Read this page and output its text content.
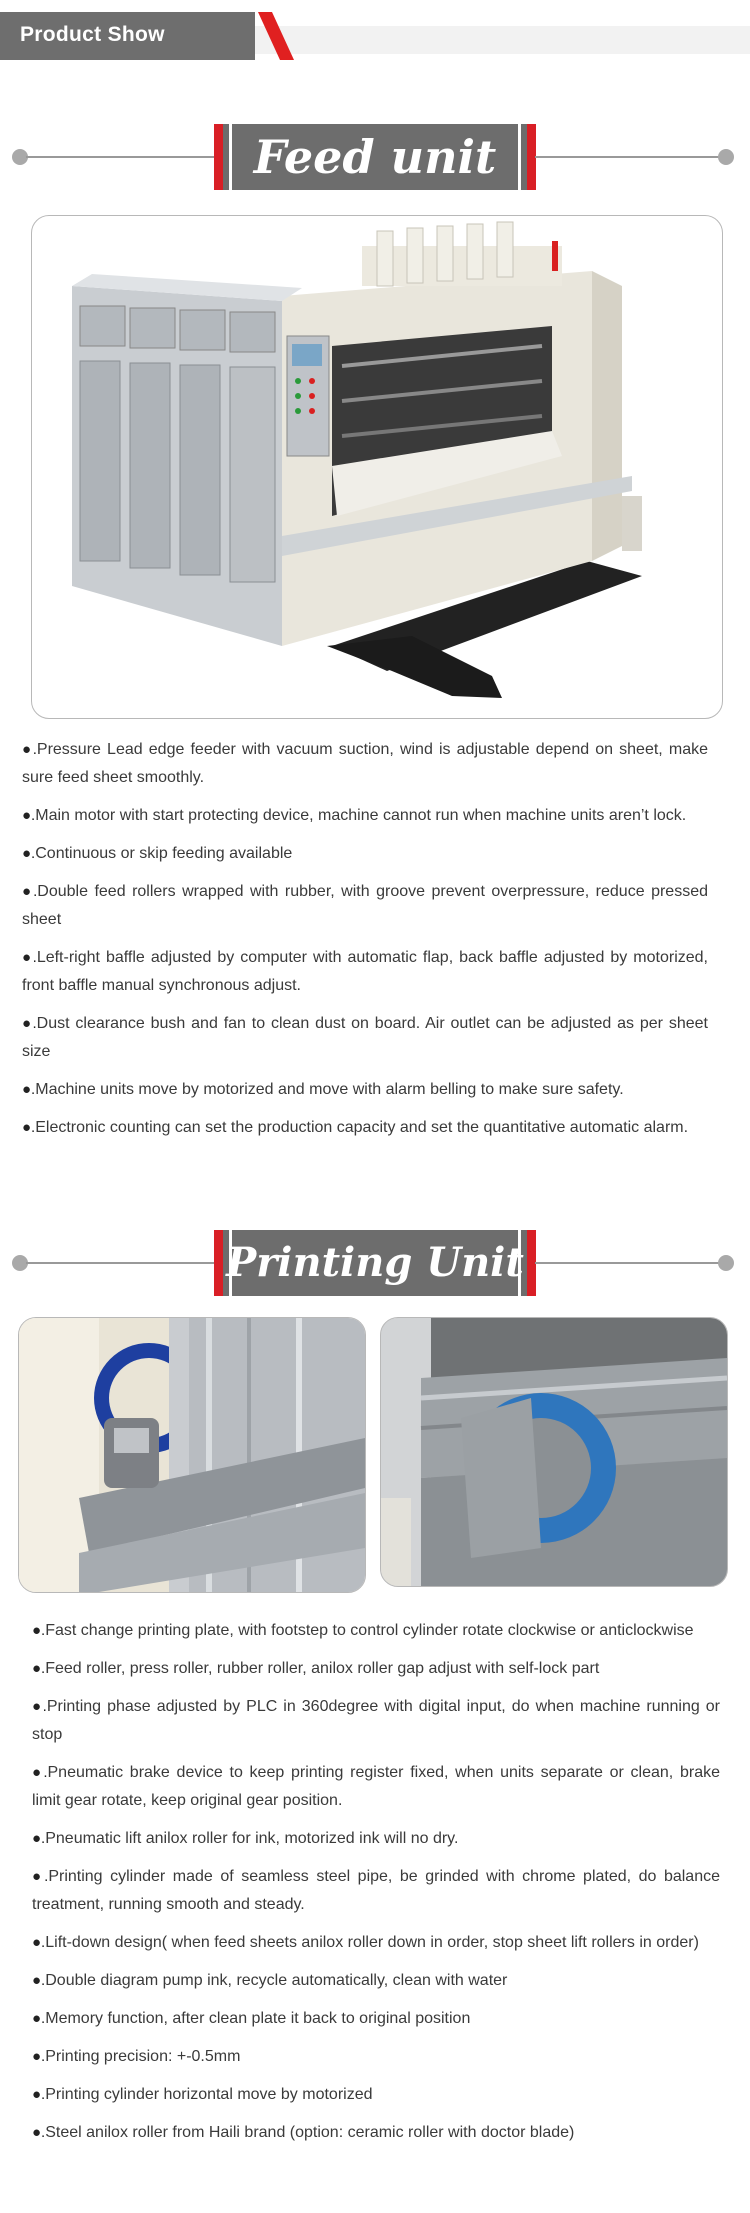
Product Show
Feed unit
●.Pressure Lead edge feeder with vacuum suction, wind is adjustable depend on sheet, make sure feed sheet smoothly.
●.Main motor with start protecting device, machine cannot run when machine units aren’t lock.
●.Continuous or skip feeding available
●.Double feed rollers wrapped with rubber, with groove prevent overpressure, reduce pressed sheet
●.Left-right baffle adjusted by computer with automatic flap, back baffle adjusted by motorized, front baffle manual synchronous adjust.
●.Dust clearance bush and fan to clean dust on board. Air outlet can be adjusted as per sheet size
●.Machine units move by motorized and move with alarm belling to make sure safety.
●.Electronic counting can set the production capacity and set the quantitative automatic alarm.
Printing Unit
●.Fast change printing plate, with footstep to control cylinder rotate clockwise or anticlockwise
●.Feed roller, press roller, rubber roller, anilox roller gap adjust with self-lock part
●.Printing phase adjusted by PLC in 360degree with digital input, do when machine running or stop
●.Pneumatic brake device to keep printing register fixed, when units separate or clean, brake limit gear rotate, keep original gear position.
●.Pneumatic lift anilox roller for ink, motorized ink will no dry.
●.Printing cylinder made of seamless steel pipe, be grinded with chrome plated, do balance treatment, running smooth and steady.
●.Lift-down design( when feed sheets anilox roller down in order, stop sheet lift rollers in order)
●.Double diagram pump ink, recycle automatically, clean with water
●.Memory function, after clean plate it back to original position
●.Printing precision: +-0.5mm
●.Printing cylinder horizontal move by motorized
●.Steel anilox roller from Haili brand (option: ceramic roller with doctor blade)
